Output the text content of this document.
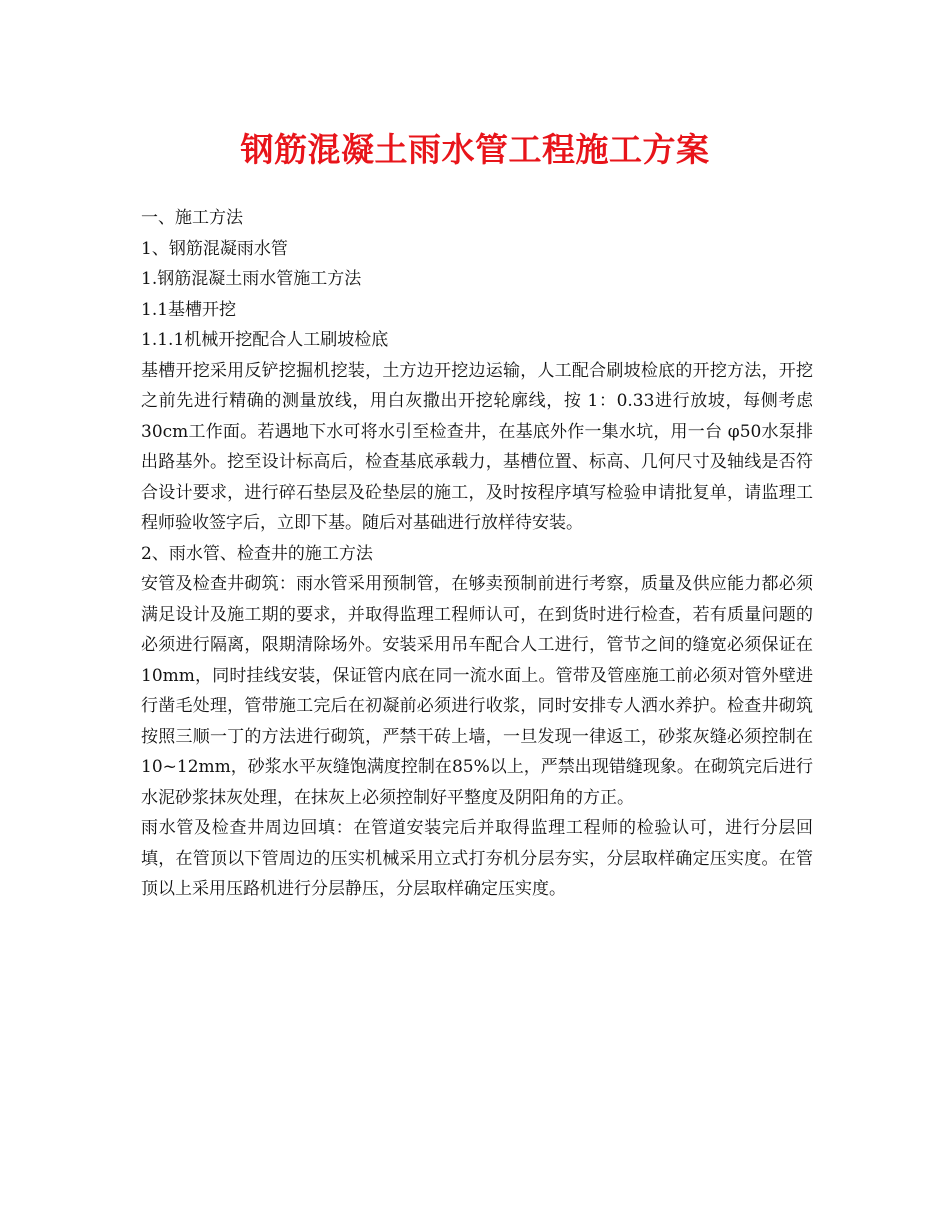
钢筋混凝土雨水管工程施工方案

一、施工方法

1、钢筋混凝雨水管

1.钢筋混凝土雨水管施工方法

1.1基槽开挖

1.1.1机械开挖配合人工刷坡检底

基槽开挖采用反铲挖掘机挖装，土方边开挖边运输，人工配合刷坡检底的开挖方法，开挖之前先进行精确的测量放线，用白灰撒出开挖轮廓线，按 1：0.33进行放坡，每侧考虑30cm工作面。若遇地下水可将水引至检查井，在基底外作一集水坑，用一台 φ50水泵排出路基外。挖至设计标高后，检查基底承载力，基槽位置、标高、几何尺寸及轴线是否符合设计要求，进行碎石垫层及砼垫层的施工，及时按程序填写检验申请批复单，请监理工程师验收签字后，立即下基。随后对基础进行放样待安装。

2、雨水管、检查井的施工方法

安管及检查井砌筑：雨水管采用预制管，在够卖预制前进行考察，质量及供应能力都必须满足设计及施工期的要求，并取得监理工程师认可，在到货时进行检查，若有质量问题的必须进行隔离，限期清除场外。安装采用吊车配合人工进行，管节之间的缝宽必须保证在10mm，同时挂线安装，保证管内底在同一流水面上。管带及管座施工前必须对管外壁进行凿毛处理，管带施工完后在初凝前必须进行收浆，同时安排专人洒水养护。检查井砌筑按照三顺一丁的方法进行砌筑，严禁干砖上墙，一旦发现一律返工，砂浆灰缝必须控制在10~12mm，砂浆水平灰缝饱满度控制在85%以上，严禁出现错缝现象。在砌筑完后进行水泥砂浆抹灰处理，在抹灰上必须控制好平整度及阴阳角的方正。

雨水管及检查井周边回填：在管道安装完后并取得监理工程师的检验认可，进行分层回填，在管顶以下管周边的压实机械采用立式打夯机分层夯实，分层取样确定压实度。在管顶以上采用压路机进行分层静压，分层取样确定压实度。
